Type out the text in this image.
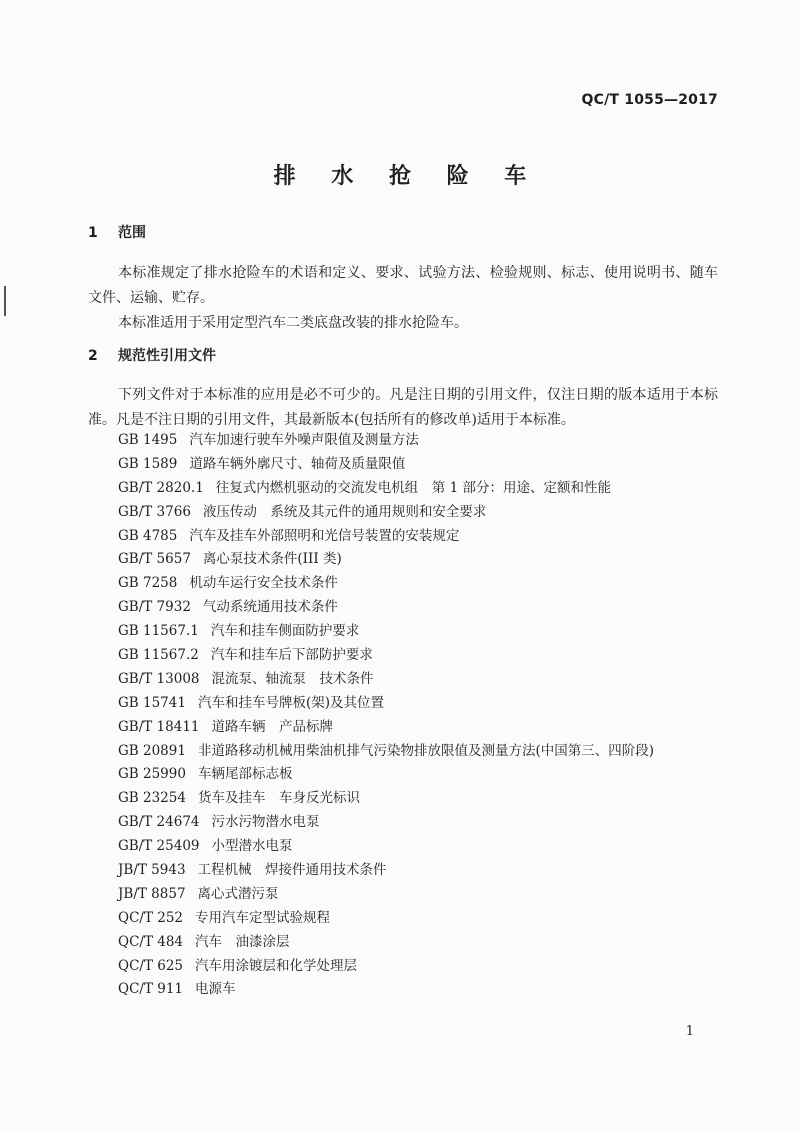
QC/T 1055—2017
排 水 抢 险 车
1 范围
本标准规定了排水抢险车的术语和定义、要求、试验方法、检验规则、标志、使用说明书、随车文件、运输、贮存。
本标准适用于采用定型汽车二类底盘改装的排水抢险车。
2 规范性引用文件
下列文件对于本标准的应用是必不可少的。凡是注日期的引用文件，仅注日期的版本适用于本标准。凡是不注日期的引用文件，其最新版本(包括所有的修改单)适用于本标准。
GB 1495 汽车加速行驶车外噪声限值及测量方法
GB 1589 道路车辆外廓尺寸、轴荷及质量限值
GB/T 2820.1 往复式内燃机驱动的交流发电机组　第 1 部分：用途、定额和性能
GB/T 3766 液压传动　系统及其元件的通用规则和安全要求
GB 4785 汽车及挂车外部照明和光信号装置的安装规定
GB/T 5657 离心泵技术条件(III 类)
GB 7258 机动车运行安全技术条件
GB/T 7932 气动系统通用技术条件
GB 11567.1 汽车和挂车侧面防护要求
GB 11567.2 汽车和挂车后下部防护要求
GB/T 13008 混流泵、轴流泵　技术条件
GB 15741 汽车和挂车号牌板(架)及其位置
GB/T 18411 道路车辆　产品标牌
GB 20891 非道路移动机械用柴油机排气污染物排放限值及测量方法(中国第三、四阶段)
GB 25990 车辆尾部标志板
GB 23254 货车及挂车　车身反光标识
GB/T 24674 污水污物潜水电泵
GB/T 25409 小型潜水电泵
JB/T 5943 工程机械　焊接件通用技术条件
JB/T 8857 离心式潜污泵
QC/T 252 专用汽车定型试验规程
QC/T 484 汽车　油漆涂层
QC/T 625 汽车用涂镀层和化学处理层
QC/T 911 电源车
1
